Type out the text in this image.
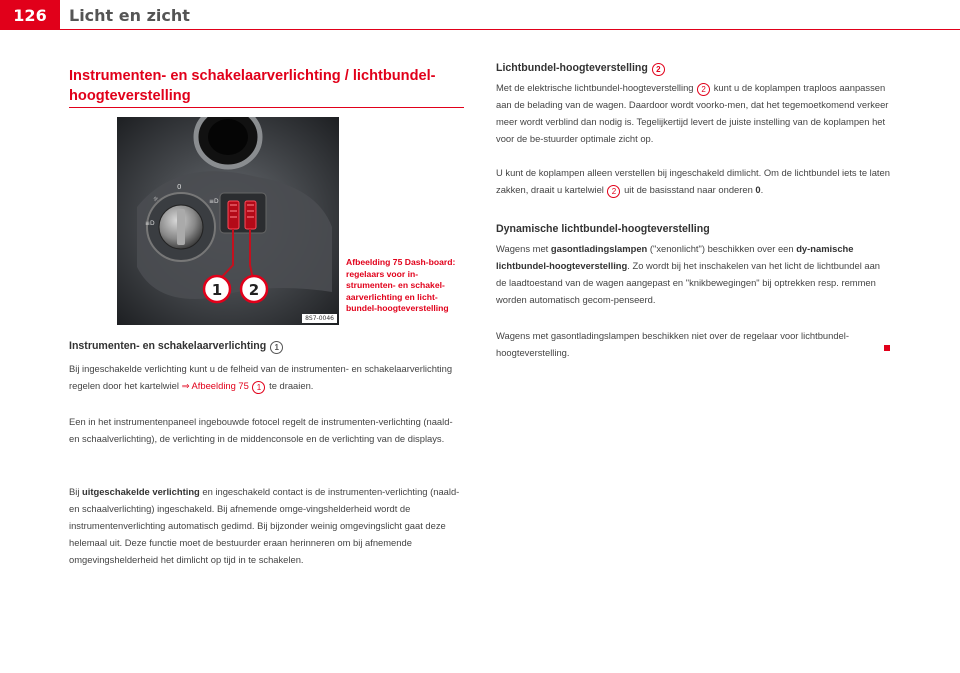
126	Licht en zicht
Instrumenten- en schakelaarverlichting / lichtbundel-hoogteverstelling
0
☼
≡D
≡D
1 2
8S7-0046
Afbeelding 75 Dash-board: regelaars voor in-strumenten- en schakel-aarverlichting en licht-bundel-hoogteverstelling
Instrumenten- en schakelaarverlichting 1
Bij ingeschakelde verlichting kunt u de felheid van de instrumenten- en schakelaarverlichting regelen door het kartelwiel ⇒ Afbeelding 75 1 te draaien.
Een in het instrumentenpaneel ingebouwde fotocel regelt de instrumenten-verlichting (naald- en schaalverlichting), de verlichting in de middenconsole en de verlichting van de displays.
Bij uitgeschakelde verlichting en ingeschakeld contact is de instrumenten-verlichting (naald- en schaalverlichting) ingeschakeld. Bij afnemende omge-vingshelderheid wordt de instrumentenverlichting automatisch gedimd. Bij bijzonder weinig omgevingslicht gaat deze helemaal uit. Deze functie moet de bestuurder eraan herinneren om bij afnemende omgevingshelderheid het dimlicht op tijd in te schakelen.
Lichtbundel-hoogteverstelling 2
Met de elektrische lichtbundel-hoogteverstelling 2 kunt u de koplampen traploos aanpassen aan de belading van de wagen. Daardoor wordt voorko-men, dat het tegemoetkomend verkeer meer wordt verblind dan nodig is. Tegelijkertijd levert de juiste instelling van de koplampen het voor de be-stuurder optimale zicht op.
U kunt de koplampen alleen verstellen bij ingeschakeld dimlicht. Om de lichtbundel iets te laten zakken, draait u kartelwiel 2 uit de basisstand naar onderen 0.
Dynamische lichtbundel-hoogteverstelling
Wagens met gasontladingslampen ("xenonlicht") beschikken over een dy-namische lichtbundel-hoogteverstelling. Zo wordt bij het inschakelen van het licht de lichtbundel aan de laadtoestand van de wagen aangepast en "knikbewegingen" bij optrekken resp. remmen worden automatisch gecom-penseerd.
Wagens met gasontladingslampen beschikken niet over de regelaar voor lichtbundel-hoogteverstelling.
